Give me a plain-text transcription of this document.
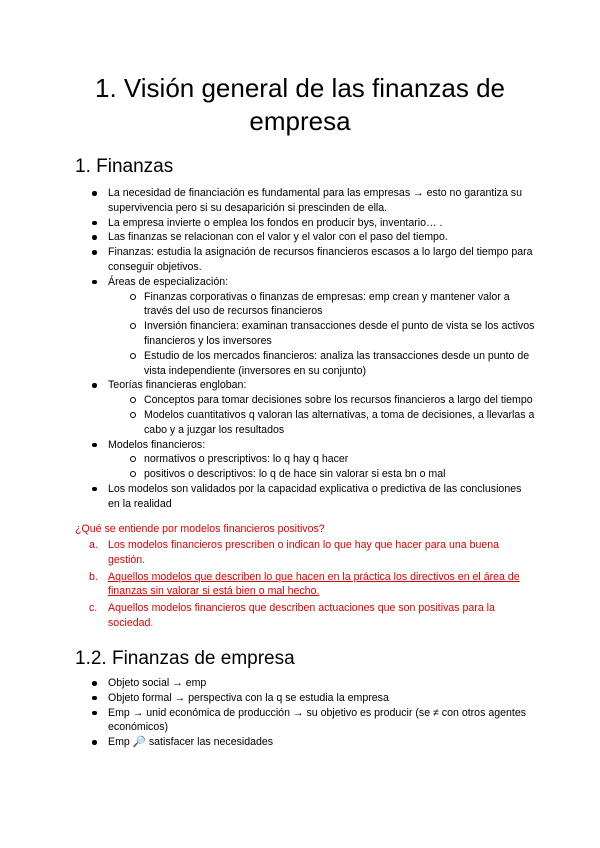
1. Visión general de las finanzas de empresa
1. Finanzas
La necesidad de financiación es fundamental para las empresas → esto no garantiza su supervivencia pero si su desaparición si prescinden de ella.
La empresa invierte o emplea los fondos en producir bys, inventario… .
Las finanzas se relacionan con el valor y el valor con el paso del tiempo.
Finanzas: estudia la asignación de recursos financieros escasos a lo largo del tiempo para conseguir objetivos.
Áreas de especialización:
Finanzas corporativas o finanzas de empresas: emp crean y mantener valor a través del uso de recursos financieros
Inversión financiera: examinan transacciones desde el punto de vista se los activos financieros y los inversores
Estudio de los mercados financieros: analiza las transacciones desde un punto de vista independiente (inversores en su conjunto)
Teorías financieras engloban:
Conceptos para tomar decisiones sobre los recursos financieros a largo del tiempo
Modelos cuantitativos q valoran las alternativas, a toma de decisiones, a llevarlas a cabo y a juzgar los resultados
Modelos financieros:
normativos o prescriptivos: lo q hay q hacer
positivos o descriptivos: lo q de hace sin valorar si esta bn o mal
Los modelos son validados por la capacidad explicativa o predictiva de las conclusiones en la realidad
¿Qué se entiende por modelos financieros positivos?
a. Los modelos financieros prescriben o indican lo que hay que hacer para una buena gestión.
b. Aquellos modelos que describen lo que hacen en la práctica los directivos en el área de finanzas sin valorar si está bien o mal hecho.
c. Aquellos modelos financieros que describen actuaciones que son positivas para la sociedad.
1.2. Finanzas de empresa
Objeto social → emp
Objeto formal → perspectiva con la q se estudia la empresa
Emp → unid económica de producción → su objetivo es producir (se ≠ con otros agentes económicos)
Emp 🔎 satisfacer las necesidades
